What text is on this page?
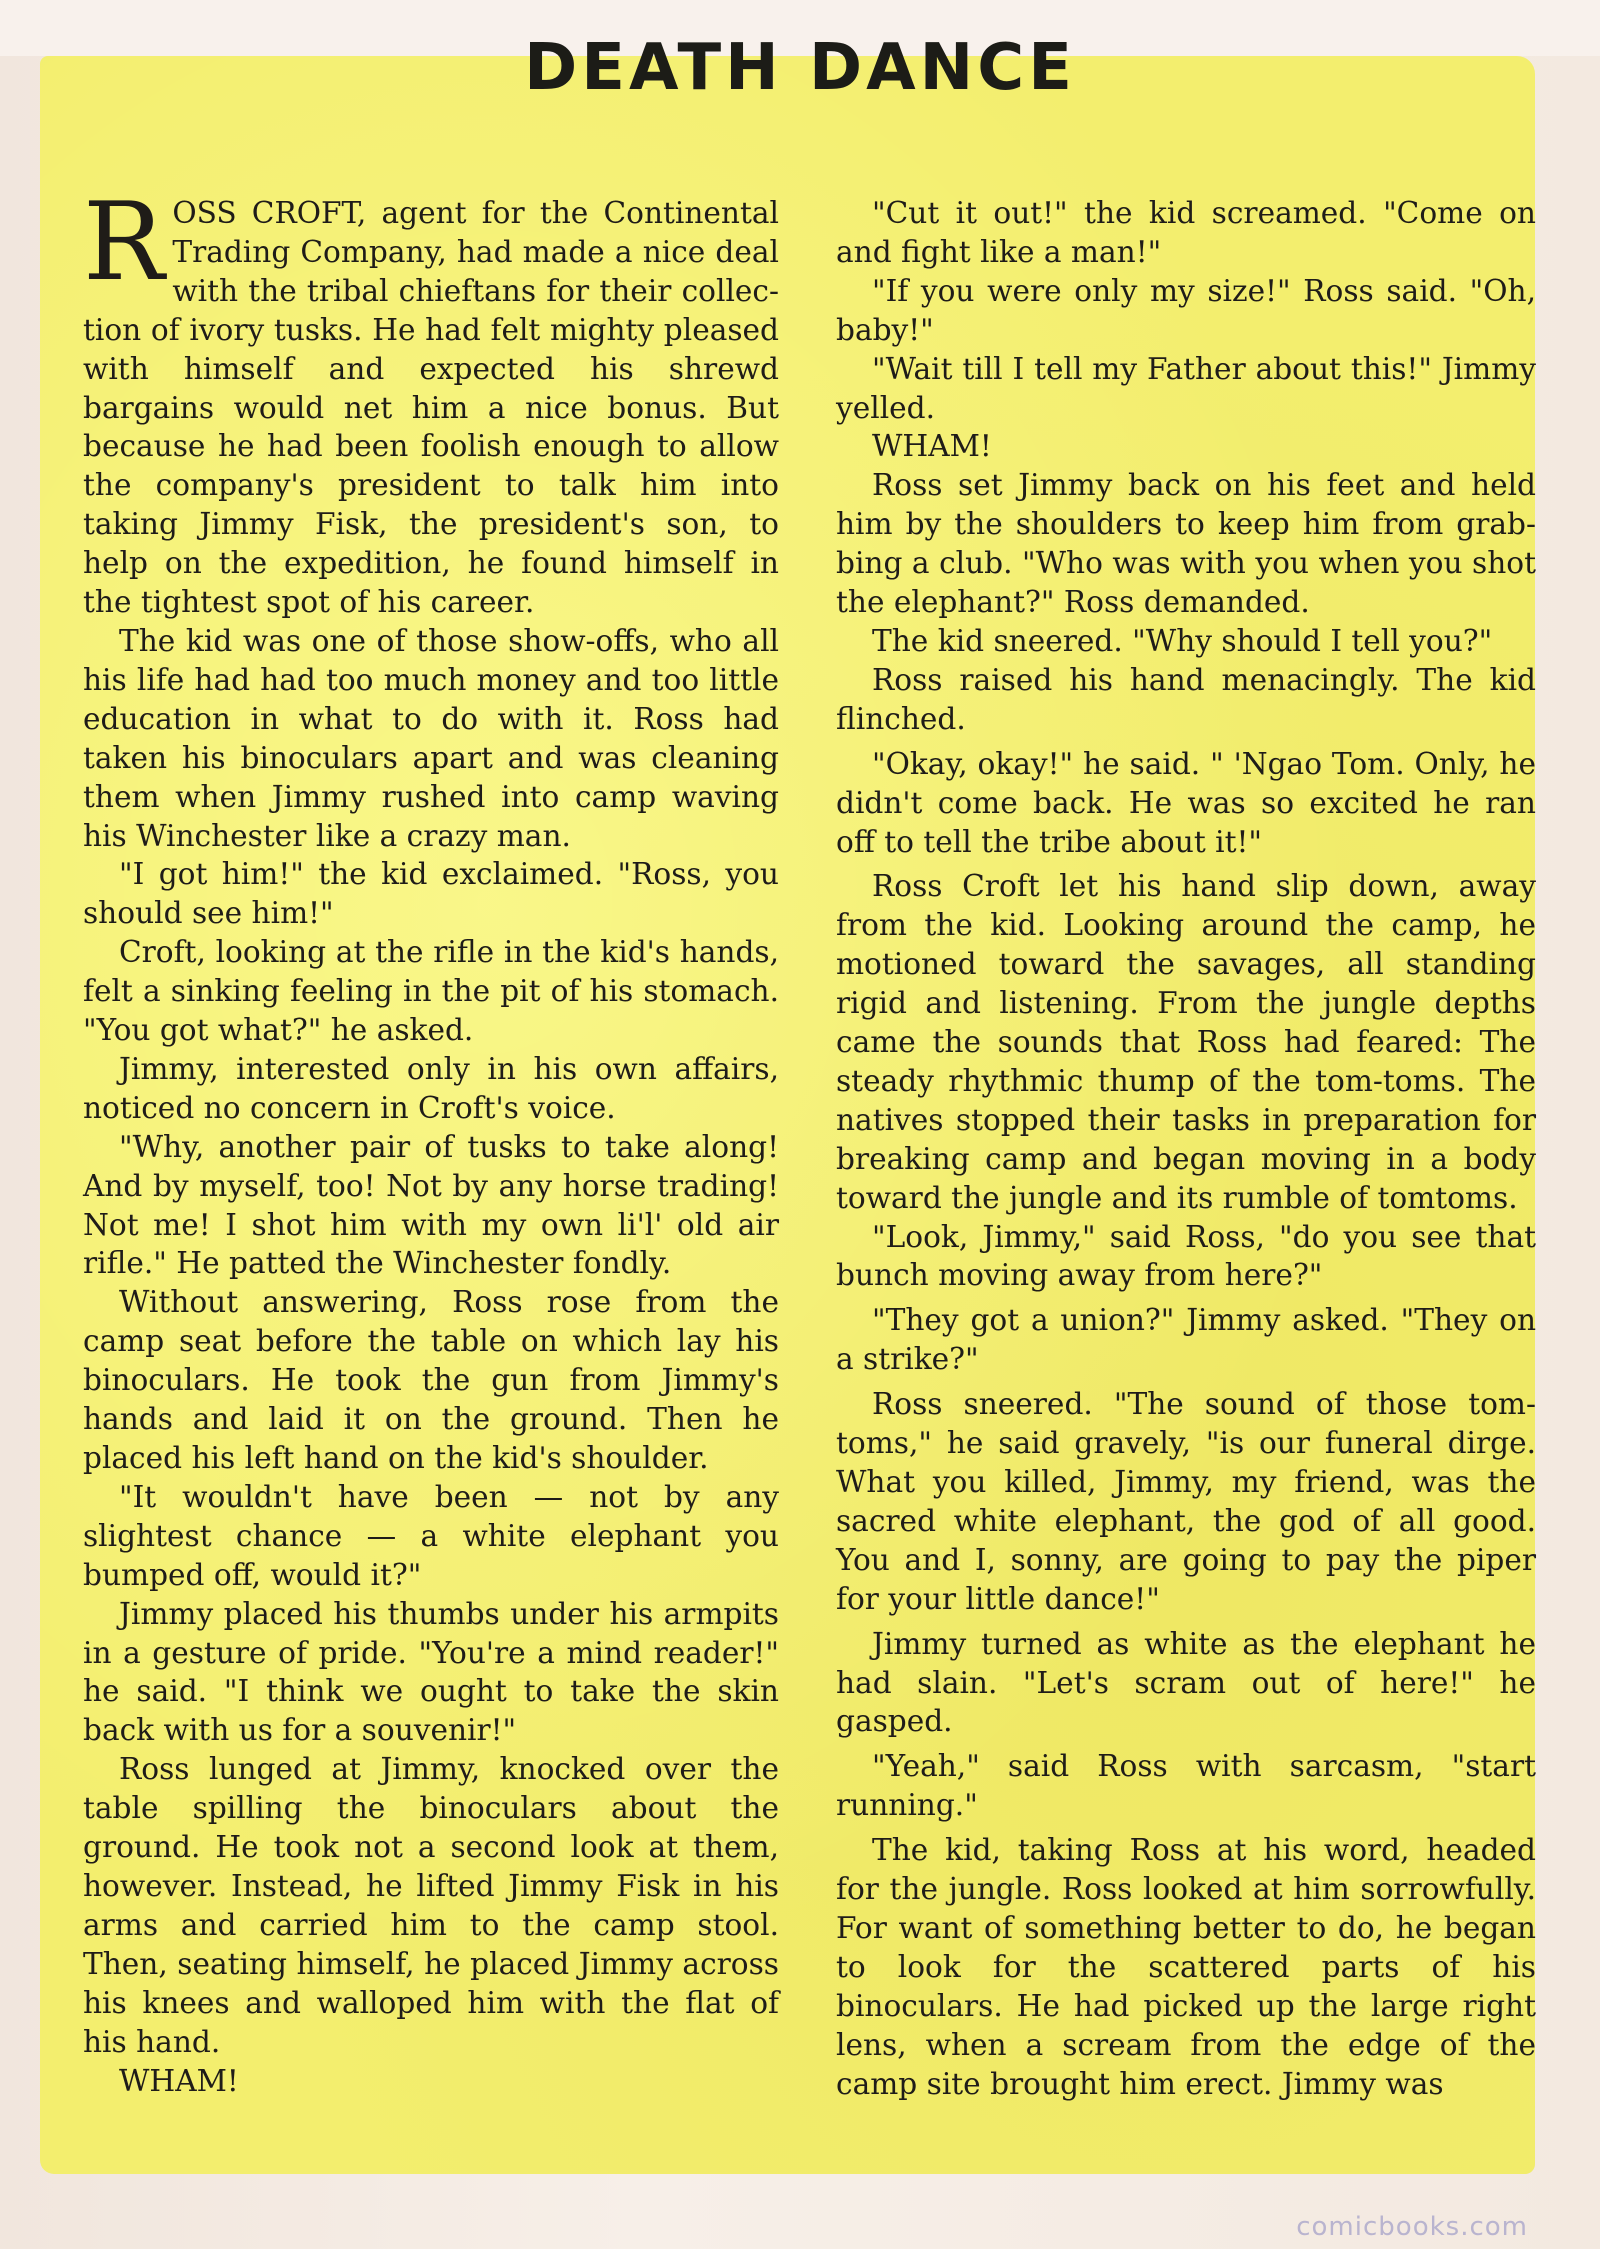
DEATH DANCE

ROSS CROFT, agent for the Continental Trading Company, had made a nice deal with the tribal chieftans for their collection of ivory tusks. He had felt mighty pleased with himself and expected his shrewd bargains would net him a nice bonus. But because he had been foolish enough to allow the company's president to talk him into taking Jimmy Fisk, the president's son, to help on the expedition, he found himself in the tightest spot of his career.

The kid was one of those show-offs, who all his life had had too much money and too little education in what to do with it. Ross had taken his binoculars apart and was cleaning them when Jimmy rushed into camp waving his Winchester like a crazy man.

"I got him!" the kid exclaimed. "Ross, you should see him!"

Croft, looking at the rifle in the kid's hands, felt a sinking feeling in the pit of his stomach. "You got what?" he asked.

Jimmy, interested only in his own affairs, noticed no concern in Croft's voice.

"Why, another pair of tusks to take along! And by myself, too! Not by any horse trading! Not me! I shot him with my own li'l' old air rifle." He patted the Winchester fondly.

Without answering, Ross rose from the camp seat before the table on which lay his binoculars. He took the gun from Jimmy's hands and laid it on the ground. Then he placed his left hand on the kid's shoulder.

"It wouldn't have been — not by any slightest chance — a white elephant you bumped off, would it?"

Jimmy placed his thumbs under his armpits in a gesture of pride. "You're a mind reader!" he said. "I think we ought to take the skin back with us for a souvenir!"

Ross lunged at Jimmy, knocked over the table spilling the binoculars about the ground. He took not a second look at them, however. Instead, he lifted Jimmy Fisk in his arms and carried him to the camp stool. Then, seating himself, he placed Jimmy across his knees and walloped him with the flat of his hand.

WHAM!

"Cut it out!" the kid screamed. "Come on and fight like a man!"

"If you were only my size!" Ross said. "Oh, baby!"

"Wait till I tell my Father about this!" Jimmy yelled.

WHAM!

Ross set Jimmy back on his feet and held him by the shoulders to keep him from grabbing a club. "Who was with you when you shot the elephant?" Ross demanded.

The kid sneered. "Why should I tell you?"

Ross raised his hand menacingly. The kid flinched.

"Okay, okay!" he said. " 'Ngao Tom. Only, he didn't come back. He was so excited he ran off to tell the tribe about it!"

Ross Croft let his hand slip down, away from the kid. Looking around the camp, he motioned toward the savages, all standing rigid and listening. From the jungle depths came the sounds that Ross had feared: The steady rhythmic thump of the tom-toms. The natives stopped their tasks in preparation for breaking camp and began moving in a body toward the jungle and its rumble of tomtoms.

"Look, Jimmy," said Ross, "do you see that bunch moving away from here?"

"They got a union?" Jimmy asked. "They on a strike?"

Ross sneered. "The sound of those tomtoms," he said gravely, "is our funeral dirge. What you killed, Jimmy, my friend, was the sacred white elephant, the god of all good. You and I, sonny, are going to pay the piper for your little dance!"

Jimmy turned as white as the elephant he had slain. "Let's scram out of here!" he gasped.

"Yeah," said Ross with sarcasm, "start running."

The kid, taking Ross at his word, headed for the jungle. Ross looked at him sorrowfully. For want of something better to do, he began to look for the scattered parts of his binoculars. He had picked up the large right lens, when a scream from the edge of the camp site brought him erect. Jimmy was

comicbooks.com
